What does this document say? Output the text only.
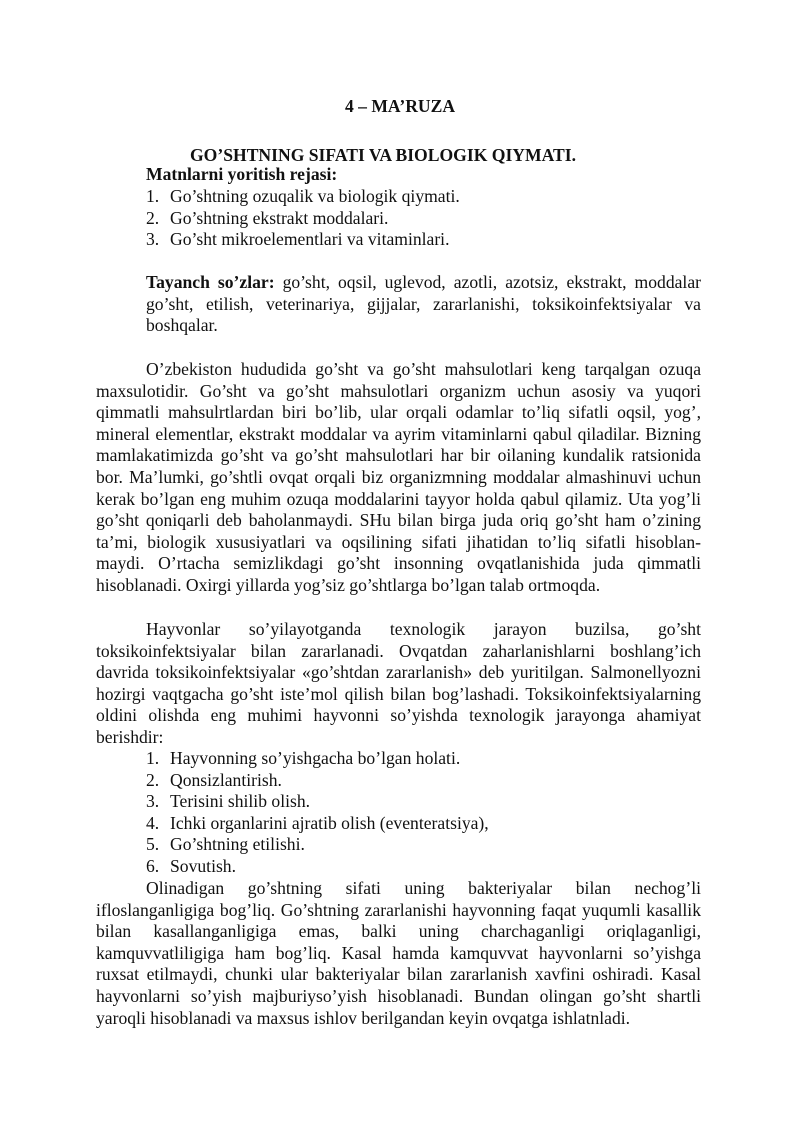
4 – MA’RUZA

GO’SHTNING SIFATI VA BIOLOGIK QIYMATI.

Matnlarni yoritish rejasi:
1. Go’shtning ozuqalik va biologik qiymati.
2. Go’shtning ekstrakt moddalari.
3. Go’sht mikroelementlari va vitaminlari.

Tayanch so’zlar: go’sht, oqsil, uglevod, azotli, azotsiz, ekstrakt, moddalar go’sht, etilish, veterinariya, gijjalar, zararlanishi, toksikoinfektsiyalar va boshqalar.

O’zbekiston hududida go’sht va go’sht mahsulotlari keng tarqalgan ozuqa maxsulotidir. Go’sht va go’sht mahsulotlari organizm uchun asosiy va yuqori qimmatli mahsulrtlardan biri bo’lib, ular orqali odamlar to’liq sifatli oqsil, yog’, mineral elementlar, ekstrakt moddalar va ayrim vitaminlarni qabul qiladilar. Bizning mamlakatimizda go’sht va go’sht mahsulotlari har bir oilaning kundalik ratsionida bor. Ma’lumki, go’shtli ovqat orqali biz organizmning moddalar almashinuvi uchun kerak bo’lgan eng muhim ozuqa moddalarini tayyor holda qabul qilamiz. Uta yog’li go’sht qoniqarli deb baholanmaydi. SHu bilan birga juda oriq go’sht ham o’zining ta’mi, biologik xususiyatlari va oqsilining sifati jihatidan to’liq sifatli hisoblan-maydi. O’rtacha semizlikdagi go’sht insonning ovqatlanishida juda qimmatli hisoblanadi. Oxirgi yillarda yog’siz go’shtlarga bo’lgan talab ortmoqda.

Hayvonlar so’yilayotganda texnologik jarayon buzilsa, go’sht toksikoinfektsiyalar bilan zararlanadi. Ovqatdan zaharlanishlarni boshlang’ich davrida toksikoinfektsiyalar «go’shtdan zararlanish» deb yuritilgan. Salmonellyozni hozirgi vaqtgacha go’sht iste’mol qilish bilan bog’lashadi. Toksikoinfektsiyalarning oldini olishda eng muhimi hayvonni so’yishda texnologik jarayonga ahamiyat berishdir:

1. Hayvonning so’yishgacha bo’lgan holati.
2. Qonsizlantirish.
3. Terisini shilib olish.
4. Ichki organlarini ajratib olish (eventeratsiya),
5. Go’shtning etilishi.
6. Sovutish.

Olinadigan go’shtning sifati uning bakteriyalar bilan nechog’li ifloslanganligiga bog’liq. Go’shtning zararlanishi hayvonning faqat yuqumli kasallik bilan kasallanganligiga emas, balki uning charchaganligi oriqlaganligi, kamquvvatliligiga ham bog’liq. Kasal hamda kamquvvat hayvonlarni so’yishga ruxsat etilmaydi, chunki ular bakteriyalar bilan zararlanish xavfini oshiradi. Kasal hayvonlarni so’yish majburiyso’yish hisoblanadi. Bundan olingan go’sht shartli yaroqli hisoblanadi va maxsus ishlov berilgandan keyin ovqatga ishlatnladi.
